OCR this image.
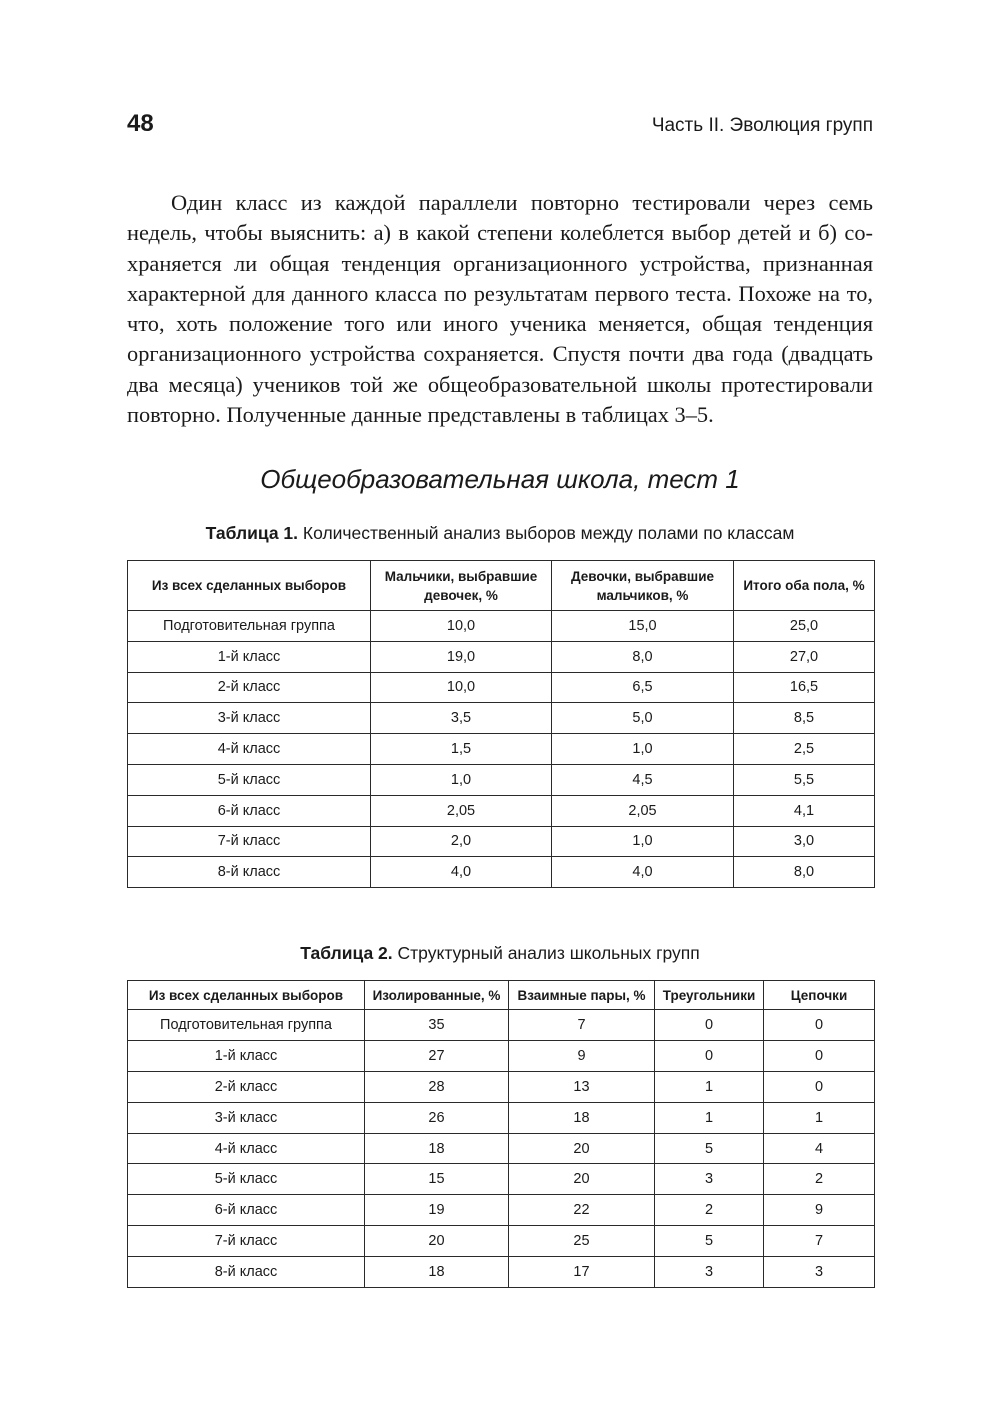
48	Часть II. Эволюция групп

Один класс из каждой параллели повторно тестировали через семь недель, чтобы выяснить: а) в какой степени колеблется выбор детей и б) сохраняется ли общая тенденция организационного устройства, признанная характерной для данного класса по результатам первого теста. Похоже на то, что, хоть положение того или иного ученика меняется, общая тенденция организационного устройства сохраняется. Спустя почти два года (двадцать два месяца) учеников той же общеобразовательной школы протестировали повторно. Полученные данные представлены в таблицах 3–5.

Общеобразовательная школа, тест 1
Таблица 1. Количественный анализ выборов между полами по классам
Из всех сделанных выборов	Мальчики, выбравшие девочек, %	Девочки, выбравшие мальчиков, %	Итого оба пола, %
Подготовительная группа	10,0	15,0	25,0
1-й класс	19,0	8,0	27,0
2-й класс	10,0	6,5	16,5
3-й класс	3,5	5,0	8,5
4-й класс	1,5	1,0	2,5
5-й класс	1,0	4,5	5,5
6-й класс	2,05	2,05	4,1
7-й класс	2,0	1,0	3,0
8-й класс	4,0	4,0	8,0
Таблица 2. Структурный анализ школьных групп
Из всех сделанных выборов	Изолированные, %	Взаимные пары, %	Треугольники	Цепочки
Подготовительная группа	35	7	0	0
1-й класс	27	9	0	0
2-й класс	28	13	1	0
3-й класс	26	18	1	1
4-й класс	18	20	5	4
5-й класс	15	20	3	2
6-й класс	19	22	2	9
7-й класс	20	25	5	7
8-й класс	18	17	3	3
